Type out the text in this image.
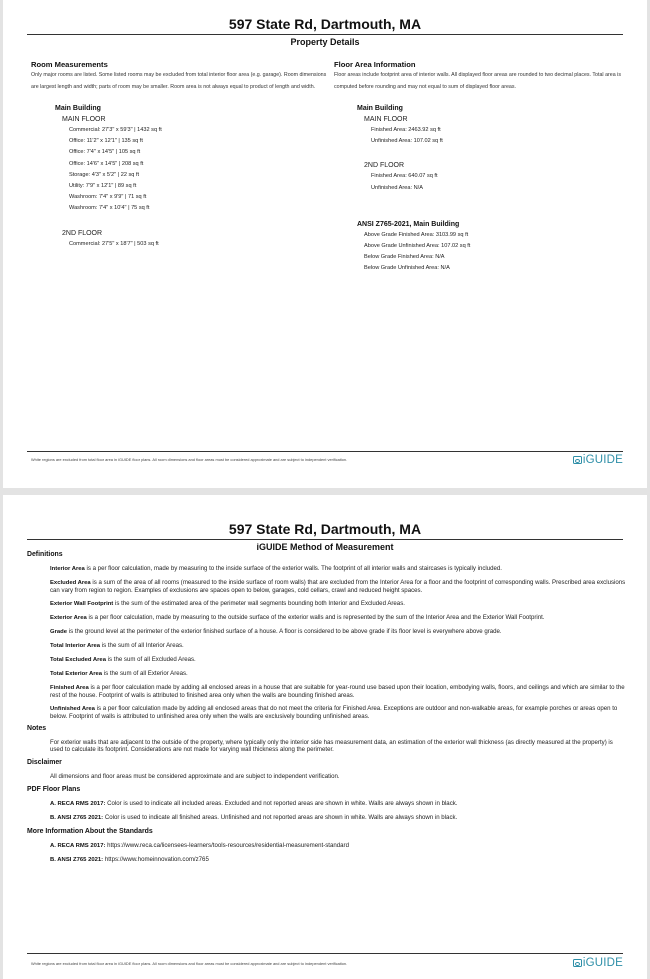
597 State Rd, Dartmouth, MA
Property Details
Room Measurements

Only major rooms are listed. Some listed rooms may be excluded from total interior floor area (e.g. garage). Room dimensions are largest length and width; parts of room may be smaller. Room area is not always equal to product of length and width.

Main Building
MAIN FLOOR
Commercial: 27'3" x 59'3" | 1432 sq ft
Office: 11'2" x 12'1" | 135 sq ft
Office: 7'4" x 14'5" | 105 sq ft
Office: 14'6" x 14'5" | 208 sq ft
Storage: 4'3" x 5'2" | 22 sq ft
Utility: 7'9" x 12'1" | 89 sq ft
Washroom: 7'4" x 9'9" | 71 sq ft
Washroom: 7'4" x 10'4" | 75 sq ft
2ND FLOOR
Commercial: 27'5" x 18'7" | 503 sq ft
Floor Area Information

Floor areas include footprint area of interior walls. All displayed floor areas are rounded to two decimal places. Total area is computed before rounding and may not equal to sum of displayed floor areas.

Main Building
MAIN FLOOR
Finished Area: 2463.92 sq ft
Unfinished Area: 107.02 sq ft
2ND FLOOR
Finished Area: 640.07 sq ft
Unfinished Area: N/A
ANSI Z765-2021, Main Building
Above Grade Finished Area: 3103.99 sq ft
Above Grade Unfinished Area: 107.02 sq ft
Below Grade Finished Area: N/A
Below Grade Unfinished Area: N/A
White regions are excluded from total floor area in iGUIDE floor plans. All room dimensions and floor areas must be considered approximate and are subject to independent verification.	iGUIDE
597 State Rd, Dartmouth, MA
iGUIDE Method of Measurement

Definitions

Interior Area is a per floor calculation, made by measuring to the inside surface of the exterior walls. The footprint of all interior walls and staircases is typically included.

Excluded Area is a sum of the area of all rooms (measured to the inside surface of room walls) that are excluded from the Interior Area for a floor and the footprint of corresponding walls. Prescribed area exclusions can vary from region to region. Examples of exclusions are spaces open to below, garages, cold cellars, crawl and reduced height spaces.

Exterior Wall Footprint is the sum of the estimated area of the perimeter wall segments bounding both Interior and Excluded Areas.

Exterior Area is a per floor calculation, made by measuring to the outside surface of the exterior walls and is represented by the sum of the Interior Area and the Exterior Wall Footprint.

Grade is the ground level at the perimeter of the exterior finished surface of a house. A floor is considered to be above grade if its floor level is everywhere above grade.

Total Interior Area is the sum of all Interior Areas.

Total Excluded Area is the sum of all Excluded Areas.

Total Exterior Area is the sum of all Exterior Areas.

Finished Area is a per floor calculation made by adding all enclosed areas in a house that are suitable for year-round use based upon their location, embodying walls, floors, and ceilings and which are similar to the rest of the house. Footprint of walls is attributed to finished area only when the walls are bounding finished areas.

Unfinished Area is a per floor calculation made by adding all enclosed areas that do not meet the criteria for Finished Area. Exceptions are outdoor and non-walkable areas, for example porches or areas open to below. Footprint of walls is attributed to unfinished area only when the walls are exclusively bounding unfinished areas.

Notes

For exterior walls that are adjacent to the outside of the property, where typically only the interior side has measurement data, an estimation of the exterior wall thickness (as directly measured at the property) is used to calculate its footprint. Considerations are not made for varying wall thickness along the perimeter.

Disclaimer

All dimensions and floor areas must be considered approximate and are subject to independent verification.

PDF Floor Plans

A. RECA RMS 2017: Color is used to indicate all included areas. Excluded and not reported areas are shown in white. Walls are always shown in black.

B. ANSI Z765 2021: Color is used to indicate all finished areas. Unfinished and not reported areas are shown in white. Walls are always shown in black.

More Information About the Standards

A. RECA RMS 2017: https://www.reca.ca/licensees-learners/tools-resources/residential-measurement-standard

B. ANSI Z765 2021: https://www.homeinnovation.com/z765

White regions are excluded from total floor area in iGUIDE floor plans. All room dimensions and floor areas must be considered approximate and are subject to independent verification.	iGUIDE
